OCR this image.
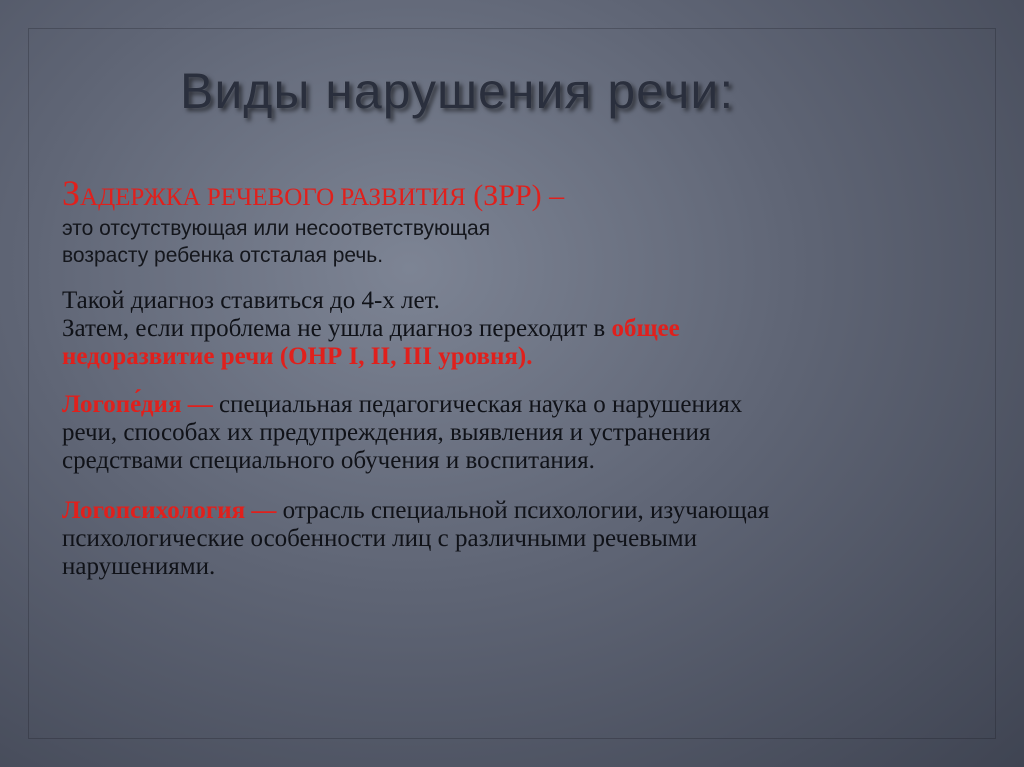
Виды нарушения речи:
ЗАДЕРЖКА РЕЧЕВОГО РАЗВИТИЯ (ЗРР) –
это отсутствующая или несоответствующая
возрасту ребенка отсталая речь.
Такой диагноз ставиться до 4-х лет.
Затем, если проблема не ушла диагноз переходит в общее
недоразвитие речи (ОНР I, II, III уровня).
Логопе́дия — специальная педагогическая наука о нарушениях
речи, способах их предупреждения, выявления и устранения
средствами специального обучения и воспитания.
Логопсихология — отрасль специальной психологии, изучающая
психологические особенности лиц с различными речевыми
нарушениями.
